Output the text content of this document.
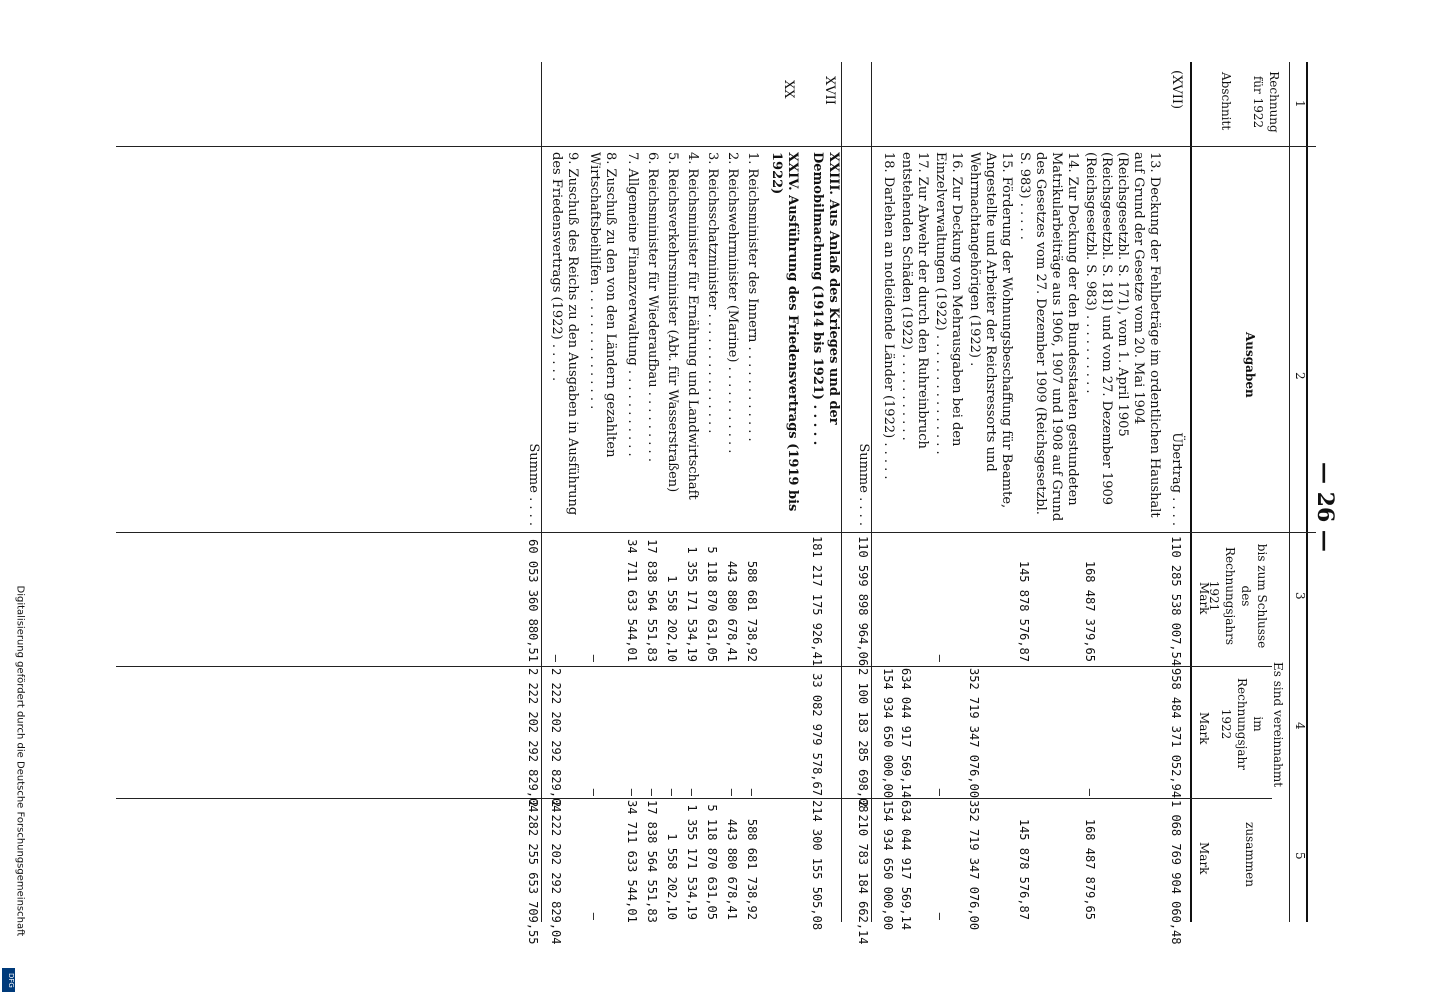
Digitalisierung gefördert durch die Deutsche Forschungsgemeinschaft
DFG
— 26 —
1
2
3
4
5
Rechnung für 1922
Abschnitt
Ausgaben
Es sind vereinnahmt
bis zum Schlusse des Rechnungsjahrs 1921
im Rechnungsjahr 1922
zusammen
Mark
Mark
Mark
(XVII)
Übertrag . . . .
110 285 538 007,54
958 484 371 052,94
1 068 769 904 060,48
13. Deckung der Fehlbeträge im ordentlichen Haushalt auf Grund der Gesetze vom 20. Mai 1904 (Reichsgesetzbl. S. 171), vom 1. April 1905 (Reichsgesetzbl. S. 181) und vom 27. Dezember 1909 (Reichsgesetzbl. S. 983) . . . . . . . . . .
168 487 379,65
—
168 487 879,65
14. Zur Deckung der den Bundesstaaten gestundeten Matrikularbeiträge aus 1906, 1907 und 1908 auf Grund des Gesetzes vom 27. Dezember 1909 (Reichsgesetzbl. S. 983) . . . . .
145 878 576,87
145 878 576,87
15. Förderung der Wohnungsbeschaffung für Beamte, Angestellte und Arbeiter der Reichsressorts und Wehrmachtangehörigen (1922) .
352 719 347 076,00
352 719 347 076,00
16. Zur Deckung von Mehrausgaben bei den Einzelverwaltungen (1922) . . . . . . . . . . . . . . .
—
—
—
17. Zur Abwehr der durch den Ruhreinbruch entstehenden Schäden (1922) . . . . . . . . . . .
634 044 917 569,14
634 044 917 569,14
18. Darlehen an notleidende Länder (1922) . . . . .
154 934 650 000,00
154 934 650 000,00
Summe . . . .
110 599 898 964,06
2 100 183 285 698,08
2 210 783 184 662,14
XVII
XXIII. Aus Anlaß des Krieges und der Demobilmachung (1914 bis 1921) . . . . .
181 217 175 926,41
33 082 979 578,67
214 300 155 505,08
XX
XXIV. Ausführung des Friedensvertrags (1919 bis 1922)
1. Reichsminister des Innern . . . . . . . . . . . .
588 681 738,92
—
588 681 738,92
2. Reichswehrminister (Marine) . . . . . . . . . . .
443 880 678,41
—
443 880 678,41
3. Reichsschatzminister . . . . . . . . . . . . . . .
5 118 870 631,05
5 118 870 631,05
4. Reichsminister für Ernährung und Landwirtschaft
1 355 171 534,19
—
1 355 171 534,19
5. Reichsverkehrsminister (Abt. für Wasserstraßen)
1 558 202,10
—
1 558 202,10
6. Reichsminister für Wiederaufbau . . . . . . . . .
17 838 564 551,83
—
17 838 564 551,83
7. Allgemeine Finanzverwaltung . . . . . . . . . . .
34 711 633 544,01
—
34 711 633 544,01
8. Zuschuß zu den von den Ländern gezahlten Wirtschaftsbeihilfen . . . . . . . . . . . . . . .
—
—
—
9. Zuschuß des Reichs zu den Ausgaben in Ausführung des Friedensvertrags (1922) . . . . .
—
2 222 202 292 829,04
2 222 202 292 829,04
Summe . . . .
60 053 360 880,51
2 222 202 292 829,04
2 282 255 653 709,55
